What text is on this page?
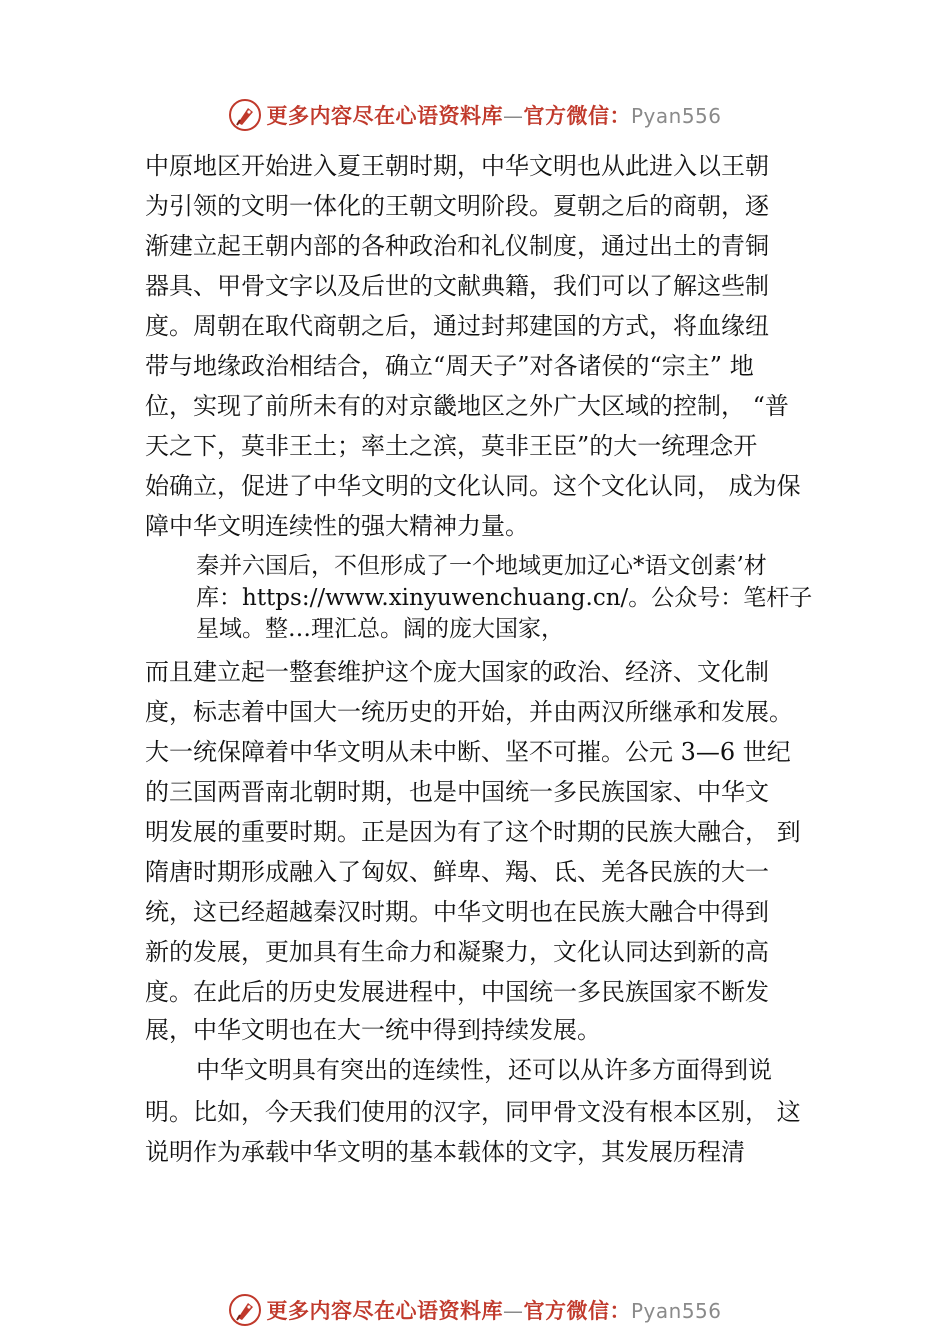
更多内容尽在心语资料库—官方微信：Pyan556
中原地区开始进入夏王朝时期，中华文明也从此进入以王朝
为引领的文明一体化的王朝文明阶段。夏朝之后的商朝，逐
渐建立起王朝内部的各种政治和礼仪制度，通过出土的青铜
器具、甲骨文字以及后世的文献典籍，我们可以了解这些制
度。周朝在取代商朝之后，通过封邦建国的方式，将血缘纽
带与地缘政治相结合，确立“周天子”对各诸侯的“宗主” 地
位，实现了前所未有的对京畿地区之外广大区域的控制， “普
天之下，莫非王土；率土之滨，莫非王臣”的大一统理念开
始确立，促进了中华文明的文化认同。这个文化认同， 成为保
障中华文明连续性的强大精神力量。
秦并六国后，不但形成了一个地域更加辽心*语文创素’材
库：https://www.xinyuwenchuang.cn/。公众号：笔杆子
星域。整…理汇总。阔的庞大国家，
而且建立起一整套维护这个庞大国家的政治、经济、文化制
度，标志着中国大一统历史的开始，并由两汉所继承和发展。
大一统保障着中华文明从未中断、坚不可摧。公元 3—6 世纪
的三国两晋南北朝时期，也是中国统一多民族国家、中华文
明发展的重要时期。正是因为有了这个时期的民族大融合， 到
隋唐时期形成融入了匈奴、鲜卑、羯、氐、羌各民族的大一
统，这已经超越秦汉时期。中华文明也在民族大融合中得到
新的发展，更加具有生命力和凝聚力，文化认同达到新的高
度。在此后的历史发展进程中，中国统一多民族国家不断发
展，中华文明也在大一统中得到持续发展。
中华文明具有突出的连续性，还可以从许多方面得到说
明。比如，今天我们使用的汉字，同甲骨文没有根本区别， 这
说明作为承载中华文明的基本载体的文字，其发展历程清
更多内容尽在心语资料库—官方微信：Pyan556
